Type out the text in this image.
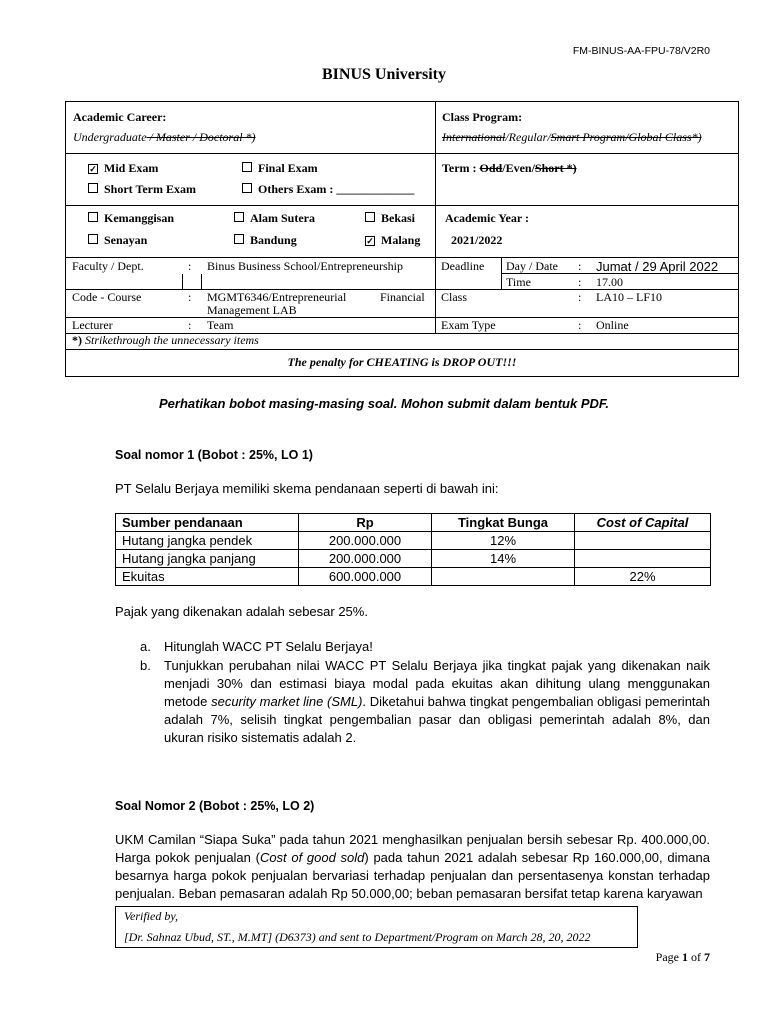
FM-BINUS-AA-FPU-78/V2R0
BINUS University
Academic Career:
Undergraduate / Master / Doctoral *)
Class Program:
International/Regular/Smart Program/Global Class*)
✓ Mid Exam	Final Exam
Short Term Exam	Others Exam : _____________
Term : Odd/Even/Short *)
Kemanggisan	Alam Sutera	Bekasi
Senayan	Bandung	✓ Malang
Academic Year :
2021/2022
Faculty / Dept.	: Binus Business School/Entrepreneurship	Deadline Day / Date : Jumat / 29 April 2022
Time	: 17.00
Code - Course	: MGMT6346/Entrepreneurial	Financial
Management LAB
Class	: LA10 – LF10
Lecturer	: Team	Exam Type	: Online
*) Strikethrough the unnecessary items
The penalty for CHEATING is DROP OUT!!!
Perhatikan bobot masing-masing soal. Mohon submit dalam bentuk PDF.
Soal nomor 1 (Bobot : 25%, LO 1)
PT Selalu Berjaya memiliki skema pendanaan seperti di bawah ini:
Sumber pendanaan	Rp	Tingkat Bunga	Cost of Capital
Hutang jangka pendek	200.000.000	12%	
Hutang jangka panjang	200.000.000	14%	
Ekuitas	600.000.000		22%
Pajak yang dikenakan adalah sebesar 25%.
a. Hitunglah WACC PT Selalu Berjaya!
b. Tunjukkan perubahan nilai WACC PT Selalu Berjaya jika tingkat pajak yang dikenakan naik menjadi 30% dan estimasi biaya modal pada ekuitas akan dihitung ulang menggunakan metode security market line (SML). Diketahui bahwa tingkat pengembalian obligasi pemerintah adalah 7%, selisih tingkat pengembalian pasar dan obligasi pemerintah adalah 8%, dan ukuran risiko sistematis adalah 2.
Soal Nomor 2 (Bobot : 25%, LO 2)
UKM Camilan “Siapa Suka” pada tahun 2021 menghasilkan penjualan bersih sebesar Rp. 400.000,00. Harga pokok penjualan (Cost of good sold) pada tahun 2021 adalah sebesar Rp 160.000,00, dimana besarnya harga pokok penjualan bervariasi terhadap penjualan dan persentasenya konstan terhadap penjualan. Beban pemasaran adalah Rp 50.000,00; beban pemasaran bersifat tetap karena karyawan
Verified by,
[Dr. Sahnaz Ubud, ST., M.MT] (D6373) and sent to Department/Program on March 28, 20, 2022
Page 1 of 7
